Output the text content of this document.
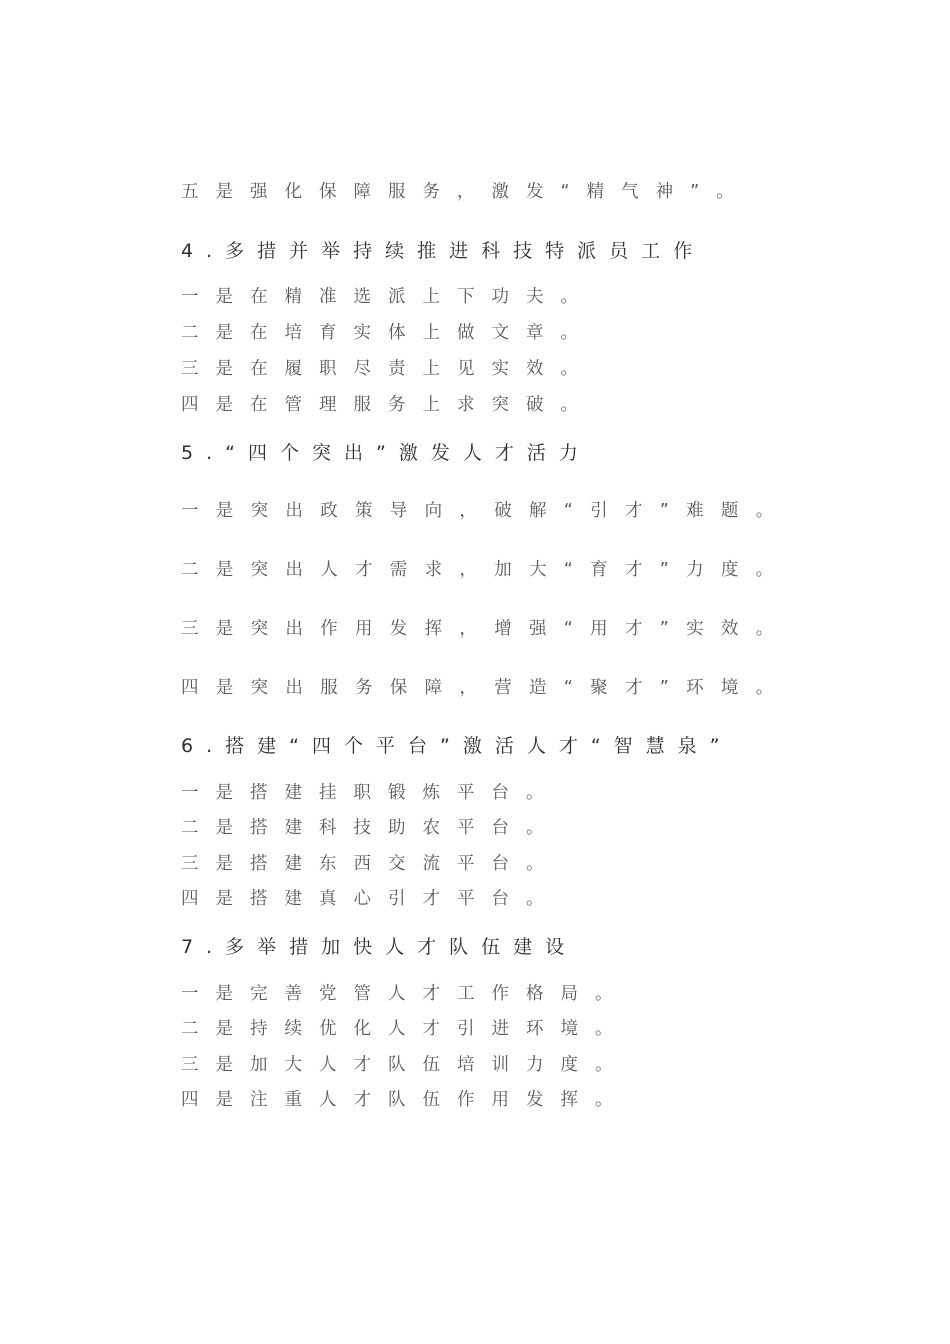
五是强化保障服务，激发“精气神”。
4.多措并举持续推进科技特派员工作
一是在精准选派上下功夫。
二是在培育实体上做文章。
三是在履职尽责上见实效。
四是在管理服务上求突破。
5.“四个突出”激发人才活力
一是突出政策导向，破解“引才”难题。
二是突出人才需求，加大“育才”力度。
三是突出作用发挥，增强“用才”实效。
四是突出服务保障，营造“聚才”环境。
6.搭建“四个平台”激活人才“智慧泉”
一是搭建挂职锻炼平台。
二是搭建科技助农平台。
三是搭建东西交流平台。
四是搭建真心引才平台。
7.多举措加快人才队伍建设
一是完善党管人才工作格局。
二是持续优化人才引进环境。
三是加大人才队伍培训力度。
四是注重人才队伍作用发挥。
